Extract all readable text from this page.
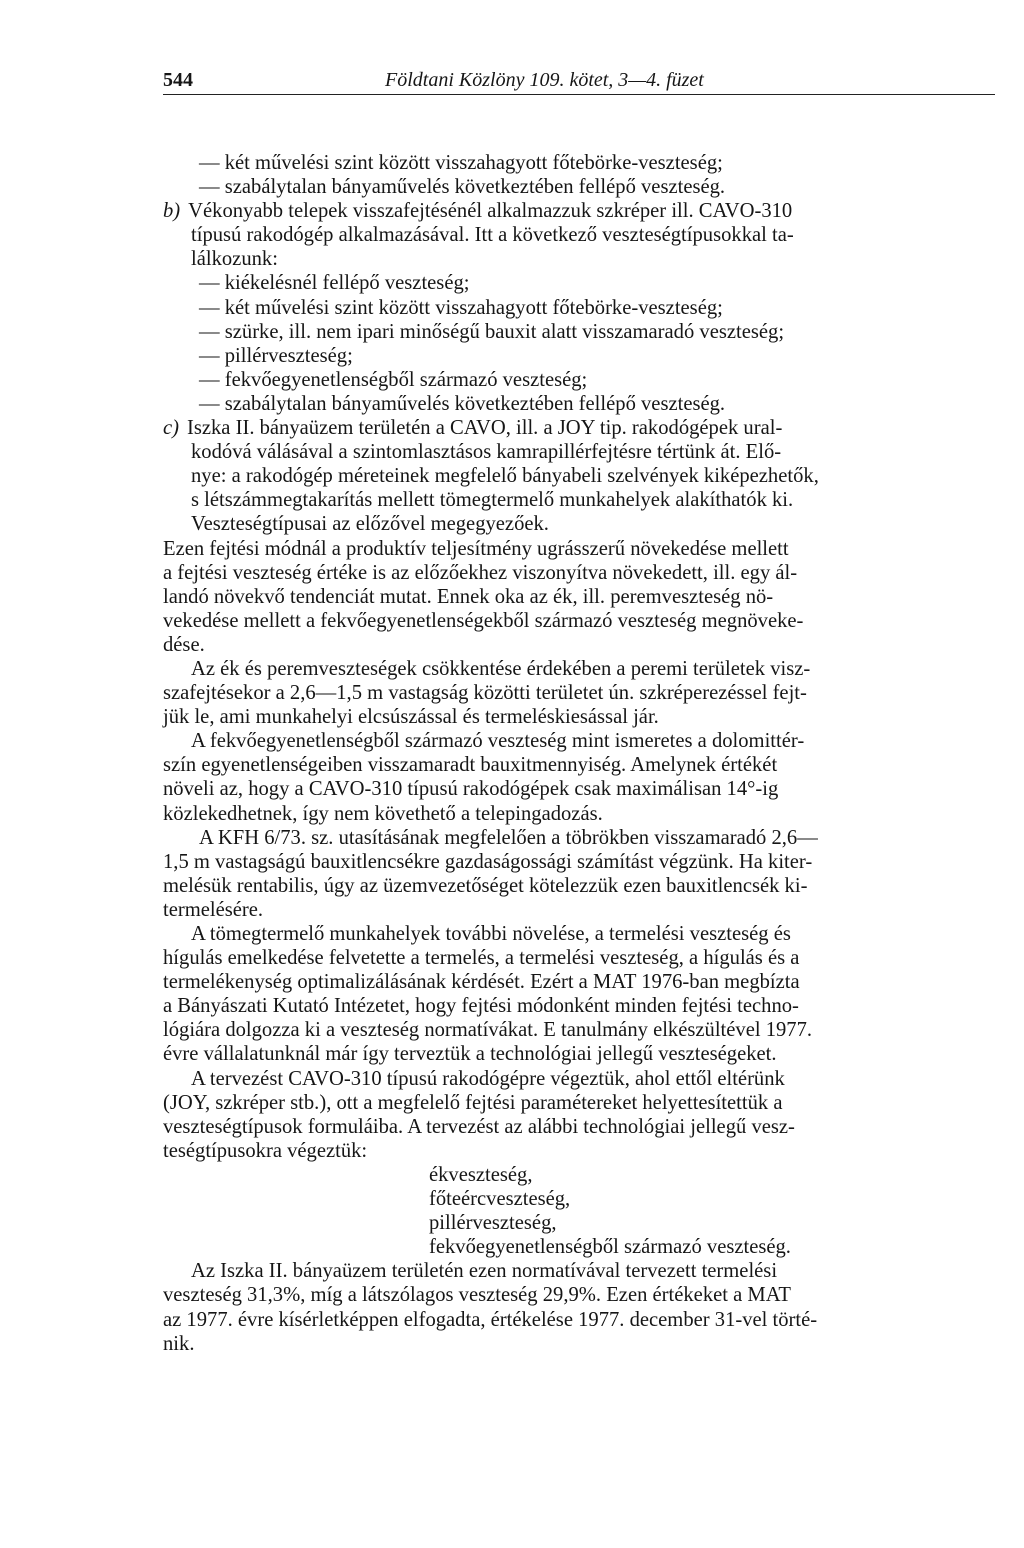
544	Földtani Közlöny 109. kötet, 3—4. füzet
— két művelési szint között visszahagyott főtebörke-veszteség;
— szabálytalan bányaművelés következtében fellépő veszteség.
b) Vékonyabb telepek visszafejtésénél alkalmazzuk szkréper ill. CAVO-310
típusú rakodógép alkalmazásával. Itt a következő veszteségtípusokkal ta-
lálkozunk:
— kiékelésnél fellépő veszteség;
— két művelési szint között visszahagyott főtebörke-veszteség;
— szürke, ill. nem ipari minőségű bauxit alatt visszamaradó veszteség;
— pillérveszteség;
— fekvőegyenetlenségből származó veszteség;
— szabálytalan bányaművelés következtében fellépő veszteség.
c) Iszka II. bányaüzem területén a CAVO, ill. a JOY tip. rakodógépek ural-
kodóvá válásával a szintomlasztásos kamrapillérfejtésre tértünk át. Elő-
nye: a rakodógép méreteinek megfelelő bányabeli szelvények kiképezhetők,
s létszámmegtakarítás mellett tömegtermelő munkahelyek alakíthatók ki.
Veszteségtípusai az előzővel megegyezőek.
Ezen fejtési módnál a produktív teljesítmény ugrásszerű növekedése mellett
a fejtési veszteség értéke is az előzőekhez viszonyítva növekedett, ill. egy ál-
landó növekvő tendenciát mutat. Ennek oka az ék, ill. peremveszteség nö-
vekedése mellett a fekvőegyenetlenségekből származó veszteség megnöveke-
dése.
Az ék és peremveszteségek csökkentése érdekében a peremi területek visz-
szafejtésekor a 2,6—1,5 m vastagság közötti területet ún. szkréperezéssel fejt-
jük le, ami munkahelyi elcsúszással és termeléskiesással jár.
A fekvőegyenetlenségből származó veszteség mint ismeretes a dolomittér-
szín egyenetlenségeiben visszamaradt bauxitmennyiség. Amelynek értékét
növeli az, hogy a CAVO-310 típusú rakodógépek csak maximálisan 14°-ig
közlekedhetnek, így nem követhető a telepingadozás.
A KFH 6/73. sz. utasításának megfelelően a töbrökben visszamaradó 2,6—
1,5 m vastagságú bauxitlencsékre gazdaságossági számítást végzünk. Ha kiter-
melésük rentabilis, úgy az üzemvezetőséget kötelezzük ezen bauxitlencsék ki-
termelésére.
A tömegtermelő munkahelyek további növelése, a termelési veszteség és
hígulás emelkedése felvetette a termelés, a termelési veszteség, a hígulás és a
termelékenység optimalizálásának kérdését. Ezért a MAT 1976-ban megbízta
a Bányászati Kutató Intézetet, hogy fejtési módonként minden fejtési techno-
lógiára dolgozza ki a veszteség normatívákat. E tanulmány elkészültével 1977.
évre vállalatunknál már így terveztük a technológiai jellegű veszteségeket.
A tervezést CAVO-310 típusú rakodógépre végeztük, ahol ettől eltérünk
(JOY, szkréper stb.), ott a megfelelő fejtési paramétereket helyettesítettük a
veszteségtípusok formuláiba. A tervezést az alábbi technológiai jellegű vesz-
teségtípusokra végeztük:
ékveszteség,
főteércveszteség,
pillérveszteség,
fekvőegyenetlenségből származó veszteség.
Az Iszka II. bányaüzem területén ezen normatívával tervezett termelési
veszteség 31,3%, míg a látszólagos veszteség 29,9%. Ezen értékeket a MAT
az 1977. évre kísérletképpen elfogadta, értékelése 1977. december 31-vel törté-
nik.
